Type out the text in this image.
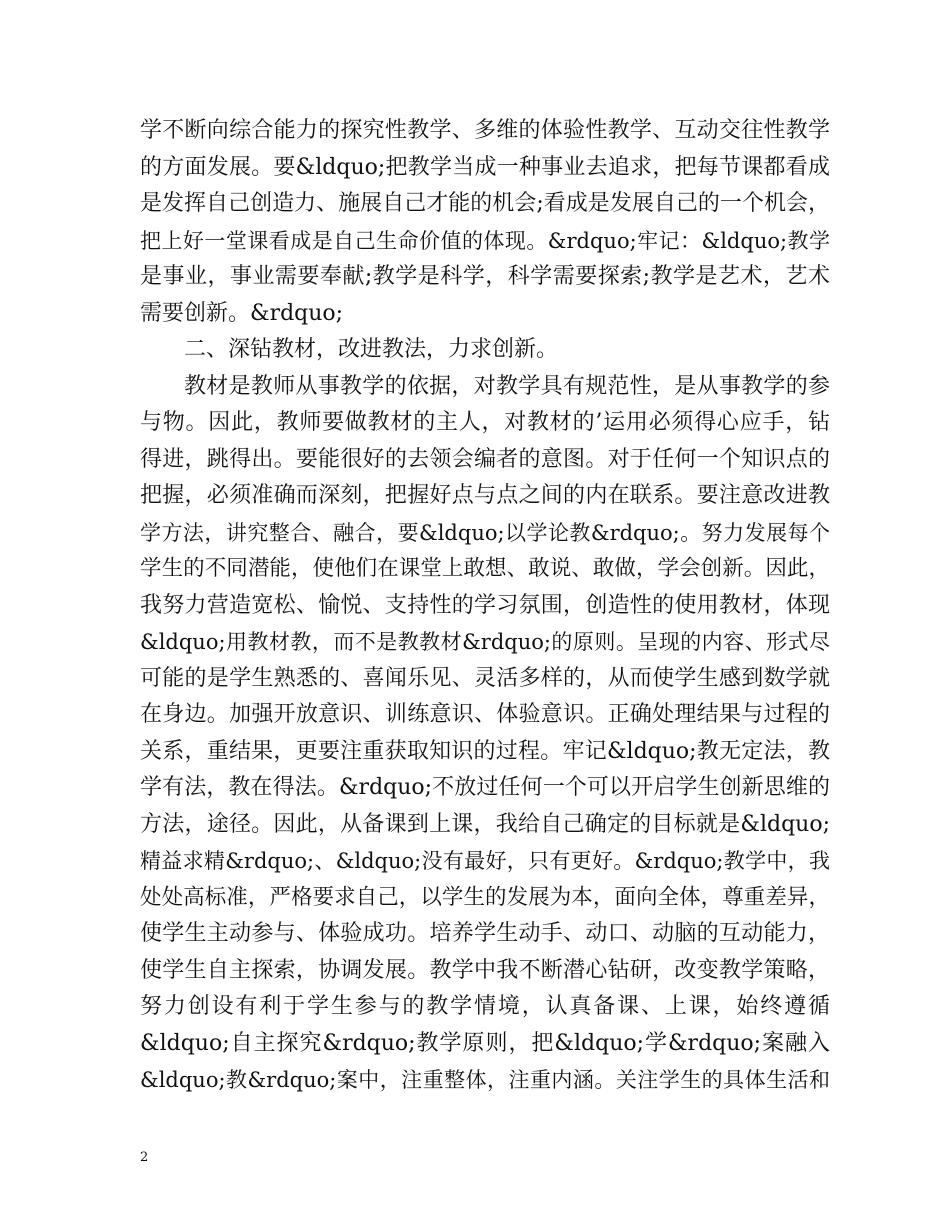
学不断向综合能力的探究性教学、多维的体验性教学、互动交往性教学
的方面发展。要&ldquo;把教学当成一种事业去追求，把每节课都看成
是发挥自己创造力、施展自己才能的机会;看成是发展自己的一个机会，
把上好一堂课看成是自己生命价值的体现。&rdquo;牢记：&ldquo;教学
是事业，事业需要奉献;教学是科学，科学需要探索;教学是艺术，艺术
需要创新。&rdquo;
二、深钻教材，改进教法，力求创新。
教材是教师从事教学的依据，对教学具有规范性，是从事教学的参
与物。因此，教师要做教材的主人，对教材的’运用必须得心应手，钻
得进，跳得出。要能很好的去领会编者的意图。对于任何一个知识点的
把握，必须准确而深刻，把握好点与点之间的内在联系。要注意改进教
学方法，讲究整合、融合，要&ldquo;以学论教&rdquo;。努力发展每个
学生的不同潜能，使他们在课堂上敢想、敢说、敢做，学会创新。因此，
我努力营造宽松、愉悦、支持性的学习氛围，创造性的使用教材，体现
&ldquo;用教材教，而不是教教材&rdquo;的原则。呈现的内容、形式尽
可能的是学生熟悉的、喜闻乐见、灵活多样的，从而使学生感到数学就
在身边。加强开放意识、训练意识、体验意识。正确处理结果与过程的
关系，重结果，更要注重获取知识的过程。牢记&ldquo;教无定法，教
学有法，教在得法。&rdquo;不放过任何一个可以开启学生创新思维的
方法，途径。因此，从备课到上课，我给自己确定的目标就是&ldquo;
精益求精&rdquo;、&ldquo;没有最好，只有更好。&rdquo;教学中，我
处处高标准，严格要求自己，以学生的发展为本，面向全体，尊重差异，
使学生主动参与、体验成功。培养学生动手、动口、动脑的互动能力，
使学生自主探索，协调发展。教学中我不断潜心钻研，改变教学策略，
努力创设有利于学生参与的教学情境，认真备课、上课，始终遵循
&ldquo;自主探究&rdquo;教学原则，把&ldquo;学&rdquo;案融入
&ldquo;教&rdquo;案中，注重整体，注重内涵。关注学生的具体生活和
2
